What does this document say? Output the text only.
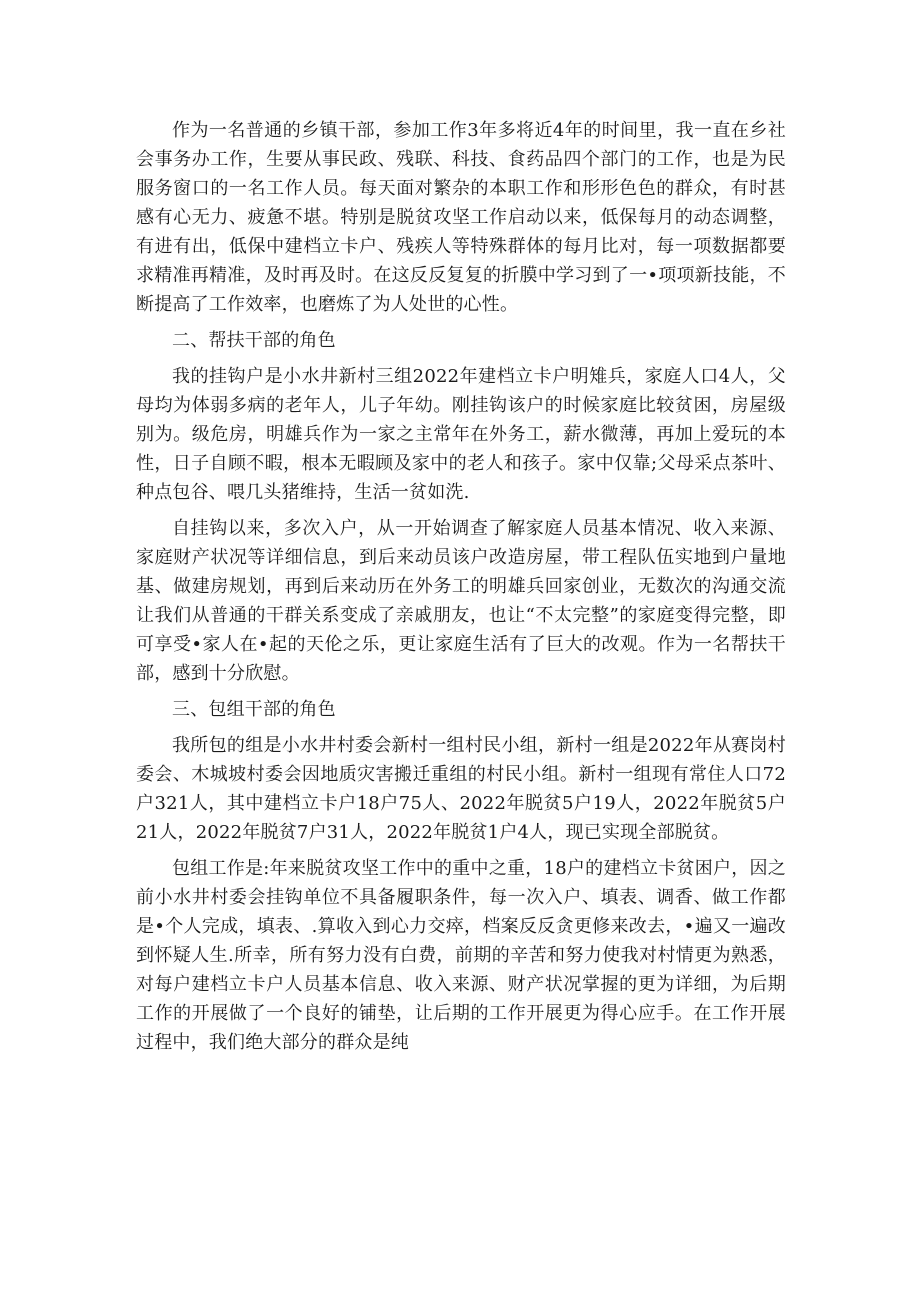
作为一名普通的乡镇干部，参加工作3年多将近4年的时间里，我一直在乡社会事务办工作，生要从事民政、残联、科技、食药品四个部门的工作，也是为民服务窗口的一名工作人员。每天面对繁杂的本职工作和形形色色的群众，有时甚感有心无力、疲惫不堪。特别是脱贫攻坚工作启动以来，低保每月的动态调整，有进有出，低保中建档立卡户、残疾人等特殊群体的每月比对，每一项数据都要求精准再精准，及时再及时。在这反反复复的折膜中学习到了一•项项新技能，不断提高了工作效率，也磨炼了为人处世的心性。

二、帮扶干部的角色

我的挂钩户是小水井新村三组2022年建档立卡户明雉兵，家庭人口4人，父母均为体弱多病的老年人，儿子年幼。刚挂钩该户的时候家庭比较贫困，房屋级别为。级危房，明雄兵作为一家之主常年在外务工，薪水微薄，再加上爱玩的本性，日子自顾不暇，根本无暇顾及家中的老人和孩子。家中仅靠;父母采点茶叶、种点包谷、喂几头猪维持，生活一贫如洗.

自挂钩以来，多次入户，从一开始调查了解家庭人员基本情况、收入来源、家庭财产状况等详细信息，到后来动员该户改造房屋，带工程队伍实地到户量地基、做建房规划，再到后来动历在外务工的明雄兵回家创业，无数次的沟通交流让我们从普通的干群关系变成了亲戚朋友，也让“不太完整”的家庭变得完整，即可享受•家人在•起的天伦之乐，更让家庭生活有了巨大的改观。作为一名帮扶干部，感到十分欣慰。

三、包组干部的角色

我所包的组是小水井村委会新村一组村民小组，新村一组是2022年从赛岗村委会、木城坡村委会因地质灾害搬迁重组的村民小组。新村一组现有常住人口72户321人，其中建档立卡户18户75人、2022年脱贫5户19人，2022年脱贫5户21人，2022年脱贫7户31人，2022年脱贫1户4人，现已实现全部脱贫。

包组工作是:年来脱贫攻坚工作中的重中之重，18户的建档立卡贫困户，因之前小水井村委会挂钩单位不具备履职条件，每一次入户、填表、调香、做工作都是•个人完成，填表、.算收入到心力交瘁，档案反反贪更修来改去，•遍又一遍改到怀疑人生.所幸，所有努力没有白费，前期的辛苦和努力使我对村情更为熟悉，对每户建档立卡户人员基本信息、收入来源、财产状况掌握的更为详细，为后期工作的开展做了一个良好的铺垫，让后期的工作开展更为得心应手。在工作开展过程中，我们绝大部分的群众是纯
